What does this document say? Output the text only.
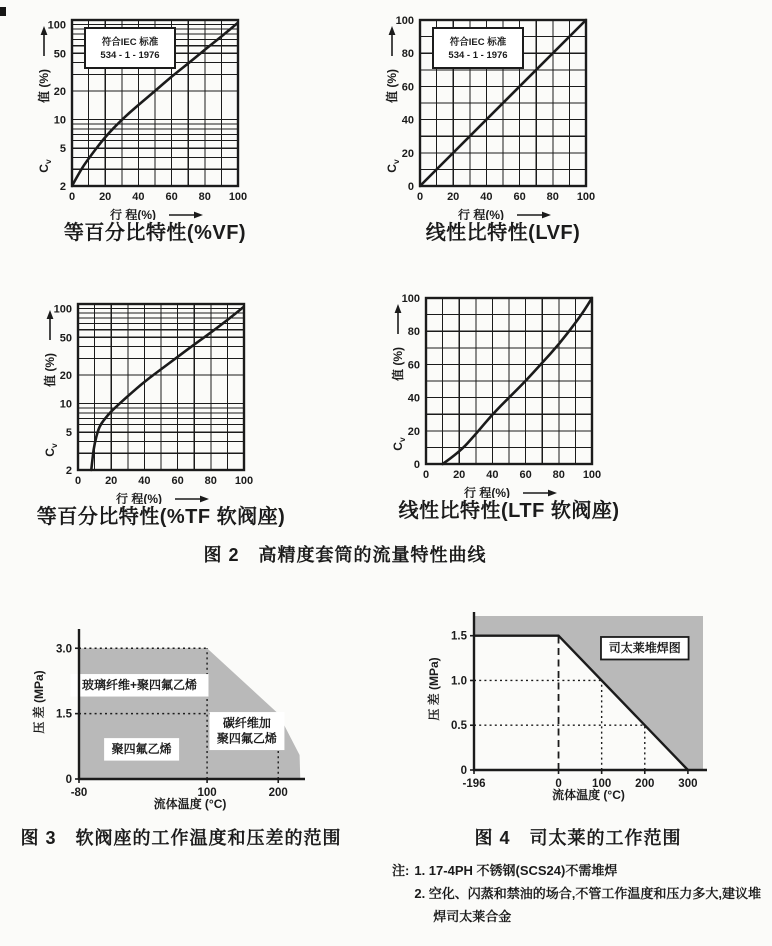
0 20 40 60 80 100
2
5
10
20
50
100
符合IEC 标准
534 - 1 - 1976
值 (%)
$C_v$
行 程(%)
0 20 40 60 80 100
0
20
40
60
80
100
符合IEC 标准
534 - 1 - 1976
值 (%)
$C_v$
行 程(%)
0 20 40 60 80 100
2
5
10
20
50
100
值 (%)
$C_v$
行 程(%)
0 20 40 60 80 100
0
20
40
60
80
100
值 (%)
$C_v$
行 程(%)
等百分比特性(%VF)	线性比特性(LVF)
等百分比特性(%TF 软阀座)	线性比特性(LTF 软阀座)
图 2　高精度套筒的流量特性曲线
玻璃纤维+聚四氟乙烯
聚四氟乙烯
碳纤维加
聚四氟乙烯
0
1.5
3.0
-80	100	200
压 差 (MPa)
流体温度 (°C)
司太莱堆焊图
0
0.5
1.0
1.5
-196	0	100 200 300
压 差 (MPa)
流体温度 (°C)
图 3　软阀座的工作温度和压差的范围	图 4　司太莱的工作范围
注: 1. 17-4PH 不锈钢(SCS24)不需堆焊
2. 空化、闪蒸和禁油的场合,不管工作温度和压力多大,建议堆焊司太莱合金
